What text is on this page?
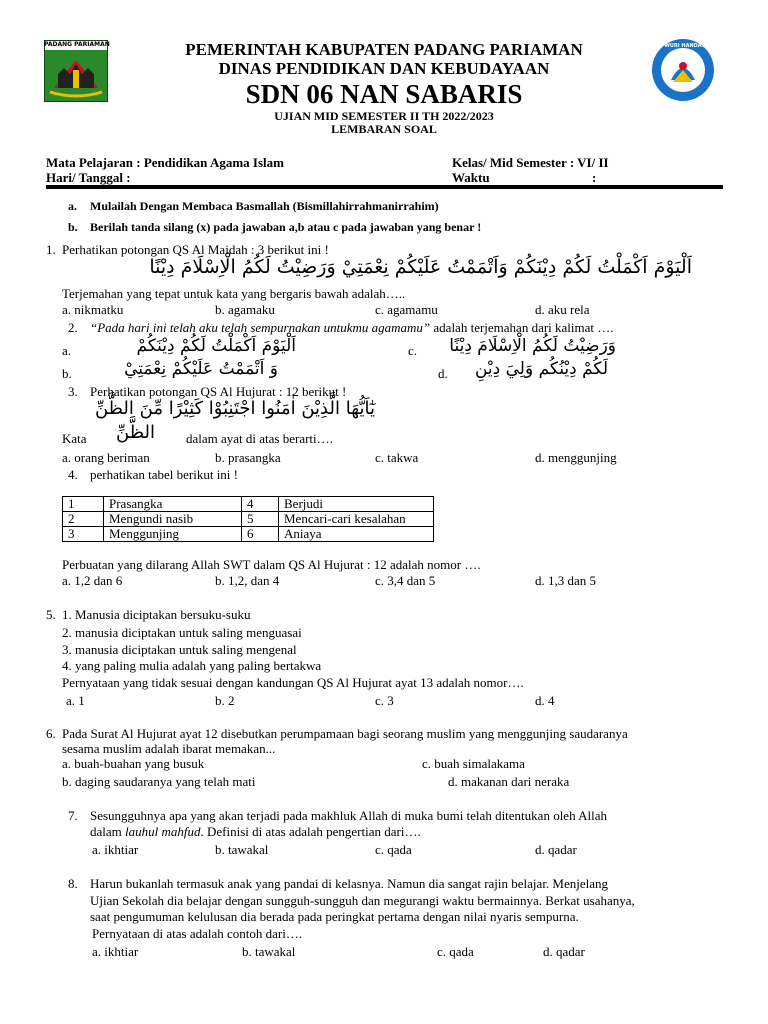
PADANG PARIAMAN	TUT WURI HANDAYANI
PEMERINTAH KABUPATEN PADANG PARIAMAN
DINAS PENDIDIKAN DAN KEBUDAYAAN
SDN 06 NAN SABARIS
UJIAN MID SEMESTER II TH 2022/2023
LEMBARAN SOAL
Mata Pelajaran : Pendidikan Agama Islam
Hari/ Tanggal :
Kelas/ Mid Semester : VI/ II
Waktu	:
a. Mulailah Dengan Membaca Basmallah (Bismillahirrahmanirrahim)
b. Berilah tanda silang (x) pada jawaban a,b atau c pada jawaban yang benar !
1. Perhatikan potongan QS Al Maidah : 3 berikut ini !
اَلْيَوْمَ اَكْمَلْتُ لَكُمْ دِيْنَكُمْ وَاَتْمَمْتُ عَلَيْكُمْ نِعْمَتِيْ وَرَضِيْتُ لَكُمُ الْاِسْلَامَ دِيْنًا
Terjemahan yang tepat untuk kata yang bergaris bawah adalah…..
a. nikmatku	b. agamaku	c. agamamu	d. aku rela
2. “Pada hari ini telah aku telah sempurnakan untukmu agamamu” adalah terjemahan dari kalimat ….
a.	اَلْيَوْمَ اَكْمَلْتُ لَكُمْ دِيْنَكُمْ	c. وَرَضِيْتُ لَكُمُ الْاِسْلَامَ دِيْنًا
b.	وَ اَتْمَمْتُ عَلَيْكُمْ نِعْمَتِيْ	d. لَكُمْ دِيْنُكُم وَلِيَ دِيْنِ
3. Perhatikan potongan QS Al Hujurat : 12 berikut !
يٰٓاَيُّهَا الَّذِيْنَ اٰمَنُوا اجْتَنِبُوْا كَثِيْرًا مِّنَ الظَّنِّ
Kata الظَّنِّ dalam ayat di atas berarti….
a. orang beriman	b. prasangka	c. takwa	d. menggunjing
4. perhatikan tabel berikut ini !
1	Prasangka	4	Berjudi
2	Mengundi nasib	5	Mencari-cari kesalahan
3	Menggunjing	6	Aniaya
Perbuatan yang dilarang Allah SWT dalam QS Al Hujurat : 12 adalah nomor ….
a. 1,2 dan 6	b. 1,2, dan 4	c. 3,4 dan 5	d. 1,3 dan 5
5. 1. Manusia diciptakan bersuku-suku
2. manusia diciptakan untuk saling menguasai
3. manusia diciptakan untuk saling mengenal
4. yang paling mulia adalah yang paling bertakwa
Pernyataan yang tidak sesuai dengan kandungan QS Al Hujurat ayat 13 adalah nomor….
a. 1	b. 2	c. 3	d. 4
6. Pada Surat Al Hujurat ayat 12 disebutkan perumpamaan bagi seorang muslim yang menggunjing saudaranya
sesama muslim adalah ibarat memakan...
a. buah-buahan yang busuk	c. buah simalakama
b. daging saudaranya yang telah mati	d. makanan dari neraka
7. Sesungguhnya apa yang akan terjadi pada makhluk Allah di muka bumi telah ditentukan oleh Allah
dalam lauhul mahfud. Definisi di atas adalah pengertian dari….
a. ikhtiar	b. tawakal	c. qada	d. qadar
8. Harun bukanlah termasuk anak yang pandai di kelasnya. Namun dia sangat rajin belajar. Menjelang
Ujian Sekolah dia belajar dengan sungguh-sungguh dan megurangi waktu bermainnya. Berkat usahanya,
saat pengumuman kelulusan dia berada pada peringkat pertama dengan nilai nyaris sempurna.
Pernyataan di atas adalah contoh dari….
a. ikhtiar	b. tawakal	c. qada	d. qadar
